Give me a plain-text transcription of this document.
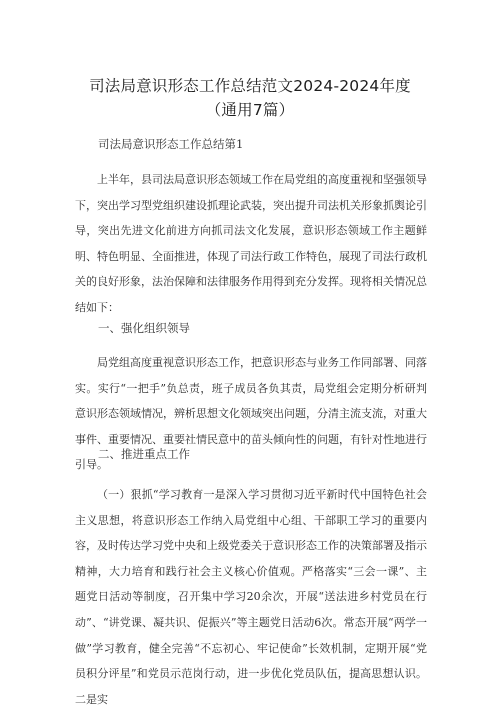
司法局意识形态工作总结范文2024-2024年度（通用7篇）
司法局意识形态工作总结第1

上半年，县司法局意识形态领域工作在局党组的高度重视和坚强领导下，突出学习型党组织建设抓理论武装，突出提升司法机关形象抓舆论引导，突出先进文化前进方向抓司法文化发展，意识形态领域工作主题鲜明、特色明显、全面推进，体现了司法行政工作特色，展现了司法行政机关的良好形象，法治保障和法律服务作用得到充分发挥。现将相关情况总结如下：

一、强化组织领导

局党组高度重视意识形态工作，把意识形态与业务工作同部署、同落实。实行“一把手”负总责，班子成员各负其责，局党组会定期分析研判意识形态领域情况，辨析思想文化领域突出问题，分清主流支流，对重大事件、重要情况、重要社情民意中的苗头倾向性的问题，有针对性地进行引导。

二、推进重点工作

（一）狠抓“学习教育一是深入学习贯彻习近平新时代中国特色社会主义思想，将意识形态工作纳入局党组中心组、干部职工学习的重要内容，及时传达学习党中央和上级党委关于意识形态工作的决策部署及指示精神，大力培育和践行社会主义核心价值观。严格落实“三会一课”、主题党日活动等制度，召开集中学习20余次，开展“送法进乡村党员在行动”、“讲党课、凝共识、促振兴”等主题党日活动6次。常态开展“两学一做”学习教育，健全完善“不忘初心、牢记使命”长效机制，定期开展“党员积分评星”和党员示范岗行动，进一步优化党员队伍，提高思想认识。二是实
